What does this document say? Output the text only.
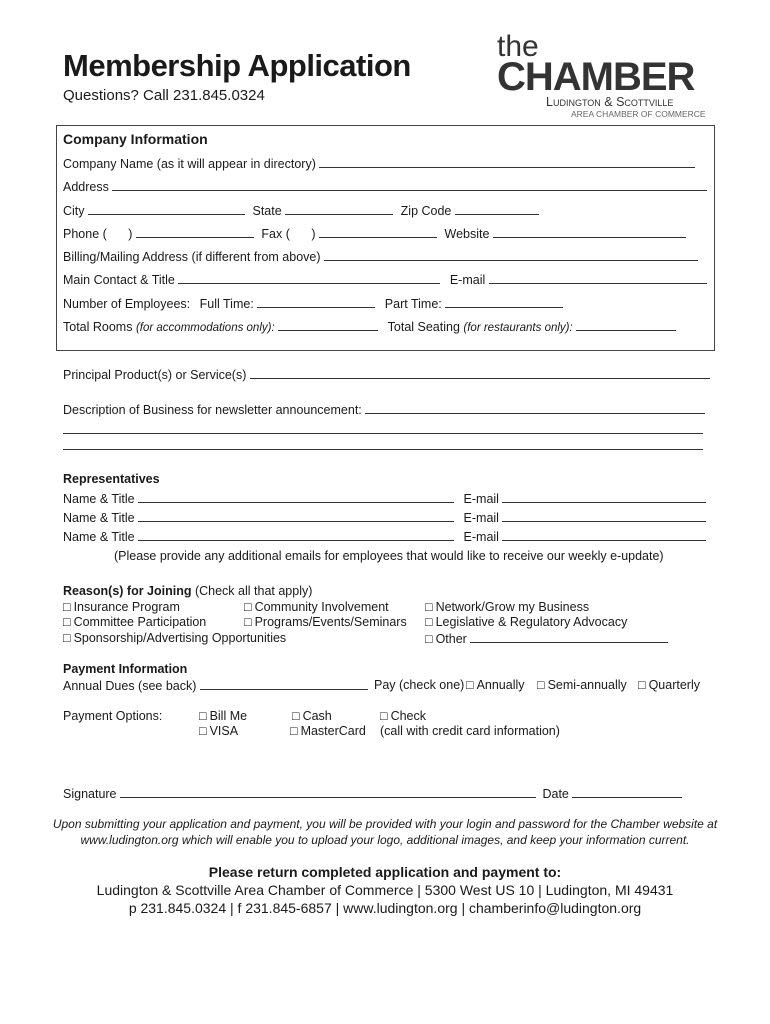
Membership Application
Questions? Call 231.845.0324
the
CHAMBER
Ludington & Scottville
AREA CHAMBER OF COMMERCE
Company Information
Company Name (as it will appear in directory)
Address
City	State	Zip Code
Phone ( )	Fax ( )	Website
Billing/Mailing Address (if different from above)
Main Contact & Title	E-mail
Number of Employees: Full Time:	Part Time:
Total Rooms (for accommodations only):	Total Seating (for restaurants only):
Principal Product(s) or Service(s)
Description of Business for newsletter announcement:
Representatives
Name & Title	E-mail
Name & Title	E-mail
Name & Title	E-mail
(Please provide any additional emails for employees that would like to receive our weekly e-update)
Reason(s) for Joining (Check all that apply)
□ Insurance Program	□ Community Involvement	□ Network/Grow my Business
□ Committee Participation	□ Programs/Events/Seminars	□ Legislative & Regulatory Advocacy
□ Sponsorship/Advertising Opportunities	□ Other
Payment Information
Annual Dues (see back)	Pay (check one) □ Annually	□ Semi-annually	□ Quarterly
Payment Options:	□ Bill Me	□ Cash	□ Check
□ VISA	□ MasterCard (call with credit card information)
Signature	Date
Upon submitting your application and payment, you will be provided with your login and password for the Chamber website at
www.ludington.org which will enable you to upload your logo, additional images, and keep your information current.
Please return completed application and payment to:
Ludington & Scottville Area Chamber of Commerce | 5300 West US 10 | Ludington, MI 49431
p 231.845.0324 | f 231.845-6857 | www.ludington.org | chamberinfo@ludington.org
